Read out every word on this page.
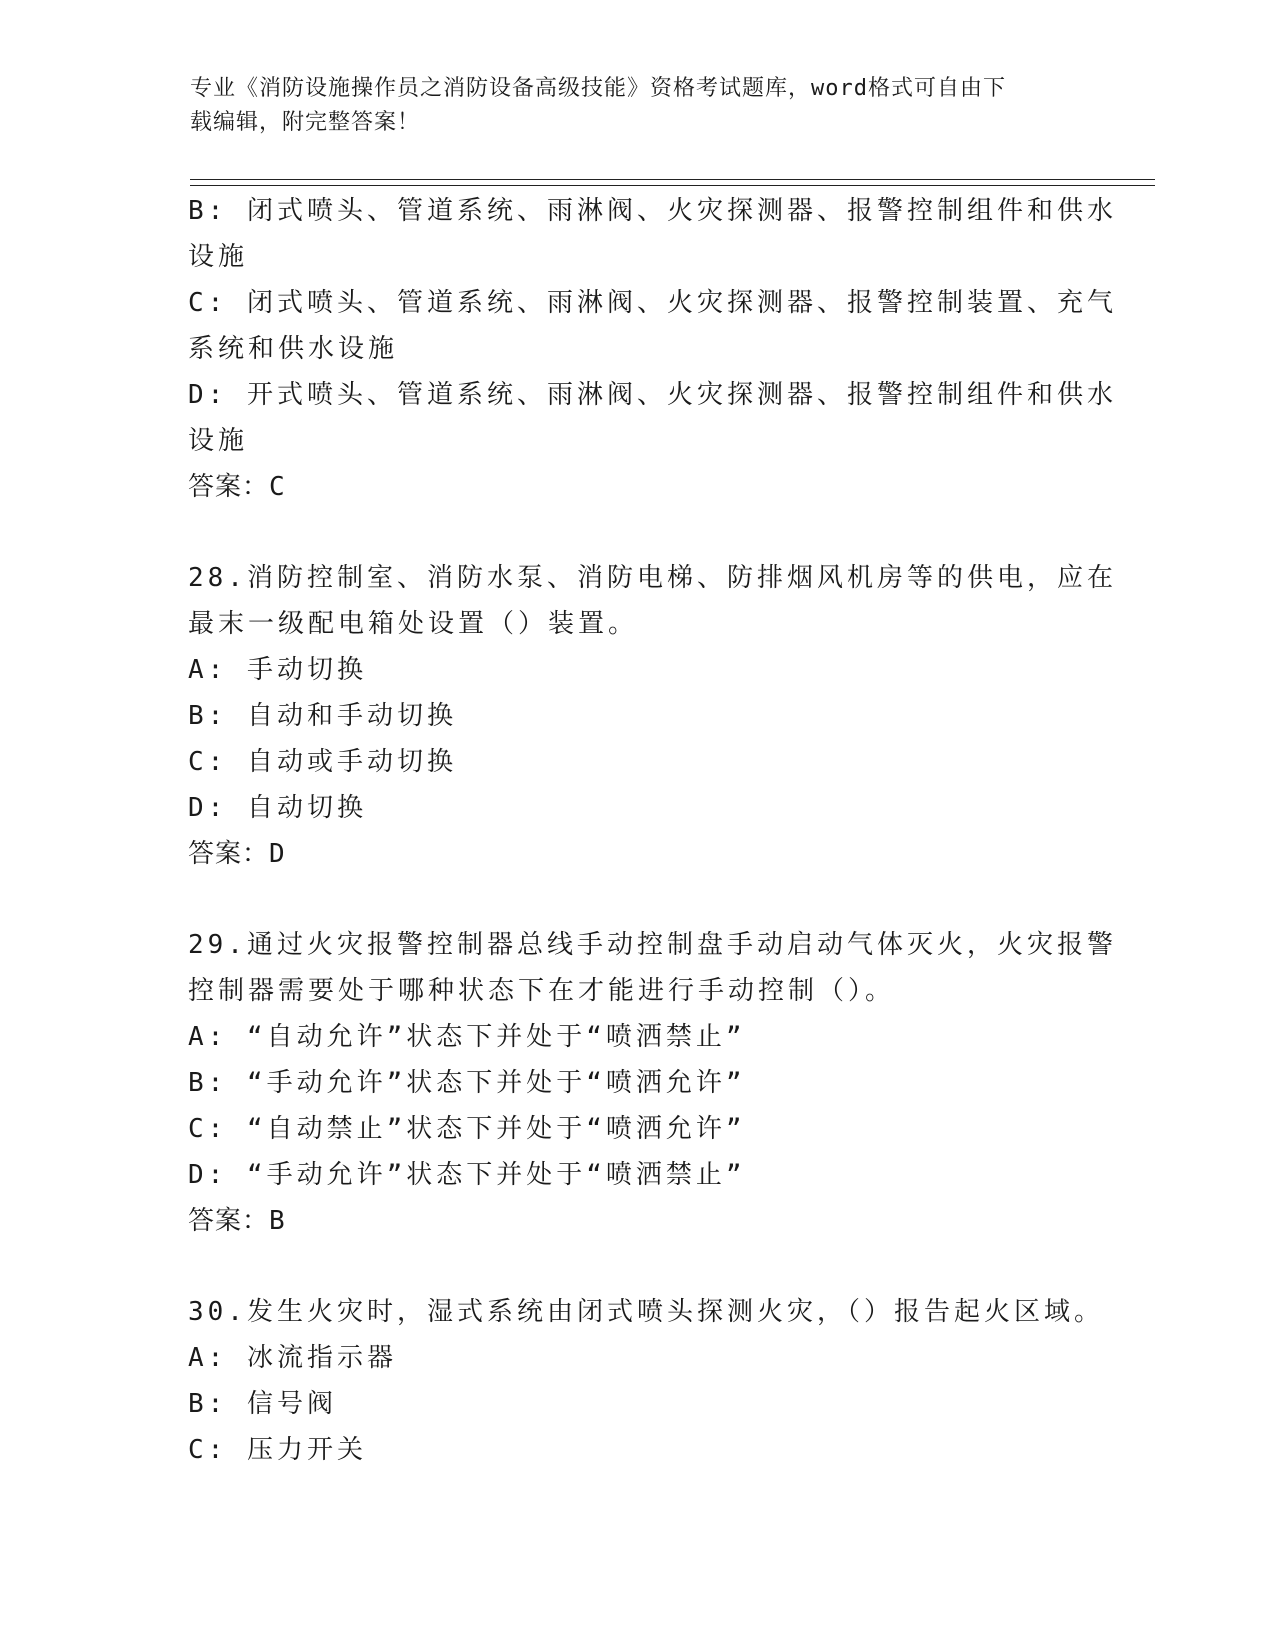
专业《消防设施操作员之消防设备高级技能》资格考试题库，word格式可自由下
载编辑，附完整答案！
B: 闭式喷头、管道系统、雨淋阀、火灾探测器、报警控制组件和供水
设施
C: 闭式喷头、管道系统、雨淋阀、火灾探测器、报警控制装置、充气
系统和供水设施
D: 开式喷头、管道系统、雨淋阀、火灾探测器、报警控制组件和供水
设施
答案：C
28.消防控制室、消防水泵、消防电梯、防排烟风机房等的供电，应在
最末一级配电箱处设置（）装置。
A: 手动切换
B: 自动和手动切换
C: 自动或手动切换
D: 自动切换
答案：D
29.通过火灾报警控制器总线手动控制盘手动启动气体灭火，火灾报警
控制器需要处于哪种状态下在才能进行手动控制（）。
A: “自动允许”状态下并处于“喷洒禁止”
B: “手动允许”状态下并处于“喷洒允许”
C: “自动禁止”状态下并处于“喷洒允许”
D: “手动允许”状态下并处于“喷洒禁止”
答案：B
30.发生火灾时，湿式系统由闭式喷头探测火灾，（）报告起火区域。
A: 冰流指示器
B: 信号阀
C: 压力开关
